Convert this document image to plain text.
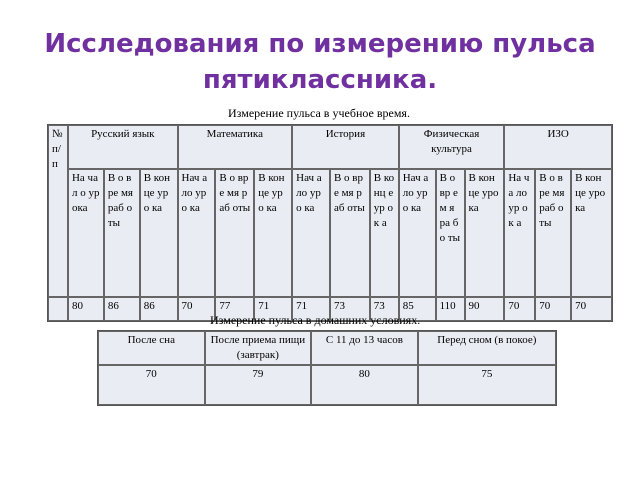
Исследования по измерению пульса
пятиклассника.
Измерение пульса в учебное время.
№ п/п	Русский язык			Математика			История			Физическая культура			ИЗО		
	На чал о ур ока	В о вре мя раб оты	В кон це уро ка	Нач ало уро ка	В о вре мя раб оты	В кон це уро ка	Нач ало уро ка	В о вре мя раб оты	В ко нц е ур ок а	Нач ало уро ка	В о вр ем я ра бо ты	В кон це уро ка	На ча ло ур ок а	В о вре мя раб оты	В кон це уро ка
	80	86	86	70	77	71	71	73	73	85	110	90	70	70	70
Измерение пульса в домашних условиях.
После сна	После приема пищи (завтрак)	С 11 до 13 часов	Перед сном (в покое)
70	79	80	75
